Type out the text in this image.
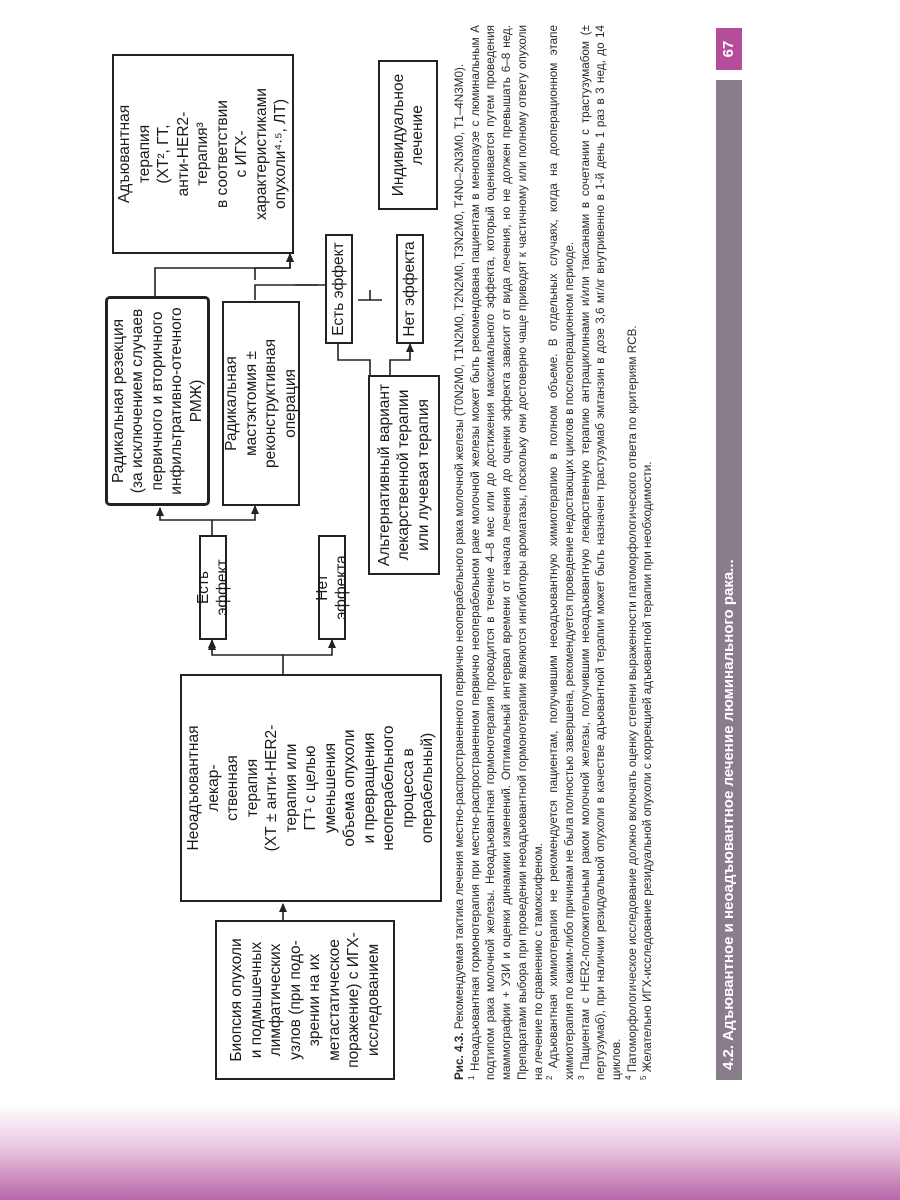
Биопсия опухоли
и подмышечных
лимфатических
узлов (при подо-
зрении на их
метастатическое
поражение) с ИГХ-
исследованием
Неоадъювантная
лекар-
ственная
терапия
(ХТ ± анти-HER2-
терапия или
ГТ¹ с целью
уменьшения
объема опухоли
и превращения
неоперабельного
процесса в
операбельный)
Есть эффект	Нет эффекта
Радикальная резекция
(за исключением случаев
первичного и вторичного
инфильтративно-отечного
РМЖ)	Радикальная
мастэктомия ±
реконструктивная
операция
Альтернативный вариант
лекарственной терапии
или лучевая терапия
Есть эффект	Нет эффекта
Адъювантная
терапия
(ХТ², ГТ,
анти-HER2-
терапия³
в соответствии
с ИГХ-
характеристиками
опухоли⁴·⁵, ЛТ)	Индивидуальное
лечение

Рис. 4.3. Рекомендуемая тактика лечения местно-распространенного первично неоперабельного рака молочной железы (T0N2M0, T1N2M0, T2N2M0, T3N2M0, T4N0–2N3M0, T1–4N3M0).

$^1$ Неоадъювантная гормонотерапия при местно-распространенном первично неоперабельном раке молочной железы может быть рекомендована пациентам в менопаузе с люминальным А подтипом рака молочной железы. Неоадъювантная гормонотерапия проводится в течение 4–8 мес или до достижения максимального эффекта, который оценивается путем проведения маммографии + УЗИ и оценки динамики изменений. Оптимальный интервал времени от начала лечения до оценки эффекта зависит от вида лечения, но не должен превышать 6–8 нед. Препаратами выбора при проведении неоадъювантной гормонотерапии являются ингибиторы ароматазы, поскольку они достоверно чаще приводят к частичному или полному ответу опухоли на лечение по сравнению с тамоксифеном. $^2$ Адъювантная химиотерапия не рекомендуется пациентам, получившим неоадъювантную химиотерапию в полном объеме. В отдельных случаях, когда на дооперационном этапе химиотерапия по каким-либо причинам не была полностью завершена, рекомендуется проведение недостающих циклов в послеоперационном периоде. $^3$ Пациентам с HER2-положительным раком молочной железы, получившим неоадъювантную лекарственную терапию антрациклинами и/или таксанами в сочетании с трастузумабом (± пертузумаб), при наличии резидуальной опухоли в качестве адъювантной терапии может быть назначен трастузумаб эмтанзин в дозе 3,6 мг/кг внутривенно в 1-й день 1 раз в 3 нед, до 14 циклов. $^4$ Патоморфологическое исследование должно включать оценку степени выраженности патоморфологического ответа по критериям RCB.

$^5$ Желательно ИГХ-исследование резидуальной опухоли с коррекцией адъювантной терапии при необходимости.	4.2. Адъювантное и неоадъювантное лечение люминального рака...
67
